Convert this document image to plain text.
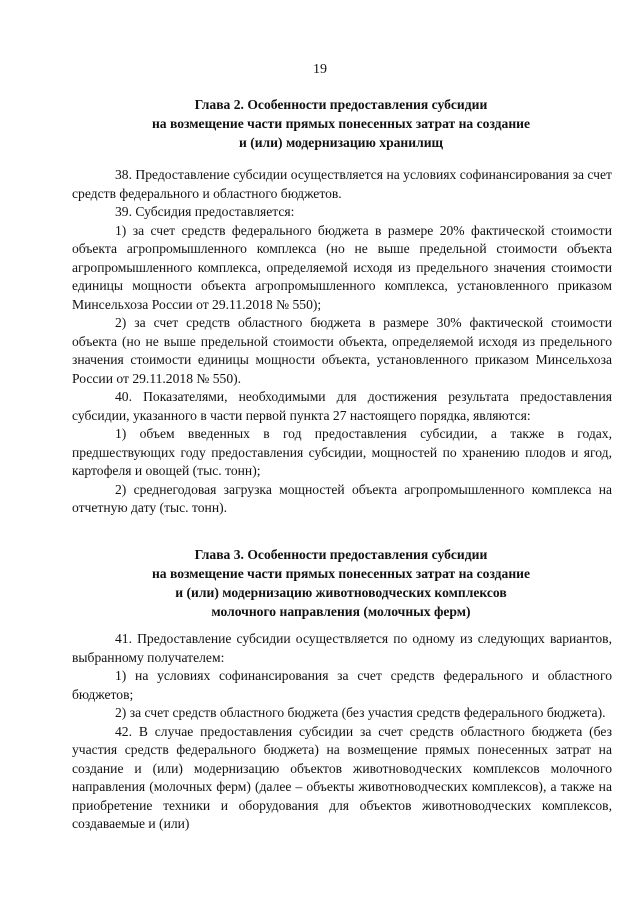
19
Глава 2. Особенности предоставления субсидии
на возмещение части прямых понесенных затрат на создание
и (или) модернизацию хранилищ

38. Предоставление субсидии осуществляется на условиях софинансирования за счет средств федерального и областного бюджетов.

39. Субсидия предоставляется:

1) за счет средств федерального бюджета в размере 20% фактической стоимости объекта агропромышленного комплекса (но не выше предельной стоимости объекта агропромышленного комплекса, определяемой исходя из предельного значения стоимости единицы мощности объекта агропромышленного комплекса, установленного приказом Минсельхоза России от 29.11.2018 № 550);

2) за счет средств областного бюджета в размере 30% фактической стоимости объекта (но не выше предельной стоимости объекта, определяемой исходя из предельного значения стоимости единицы мощности объекта, установленного приказом Минсельхоза России от 29.11.2018 № 550).

40. Показателями, необходимыми для достижения результата предоставления субсидии, указанного в части первой пункта 27 настоящего порядка, являются:

1) объем введенных в год предоставления субсидии, а также в годах, предшествующих году предоставления субсидии, мощностей по хранению плодов и ягод, картофеля и овощей (тыс. тонн);

2) среднегодовая загрузка мощностей объекта агропромышленного комплекса на отчетную дату (тыс. тонн).

Глава 3. Особенности предоставления субсидии
на возмещение части прямых понесенных затрат на создание
и (или) модернизацию животноводческих комплексов
молочного направления (молочных ферм)

41. Предоставление субсидии осуществляется по одному из следующих вариантов, выбранному получателем:

1) на условиях софинансирования за счет средств федерального и областного бюджетов;

2) за счет средств областного бюджета (без участия средств федерального бюджета).

42. В случае предоставления субсидии за счет средств областного бюджета (без участия средств федерального бюджета) на возмещение прямых понесенных затрат на создание и (или) модернизацию объектов животноводческих комплексов молочного направления (молочных ферм) (далее – объекты животноводческих комплексов), а также на приобретение техники и оборудования для объектов животноводческих комплексов, создаваемые и (или)
